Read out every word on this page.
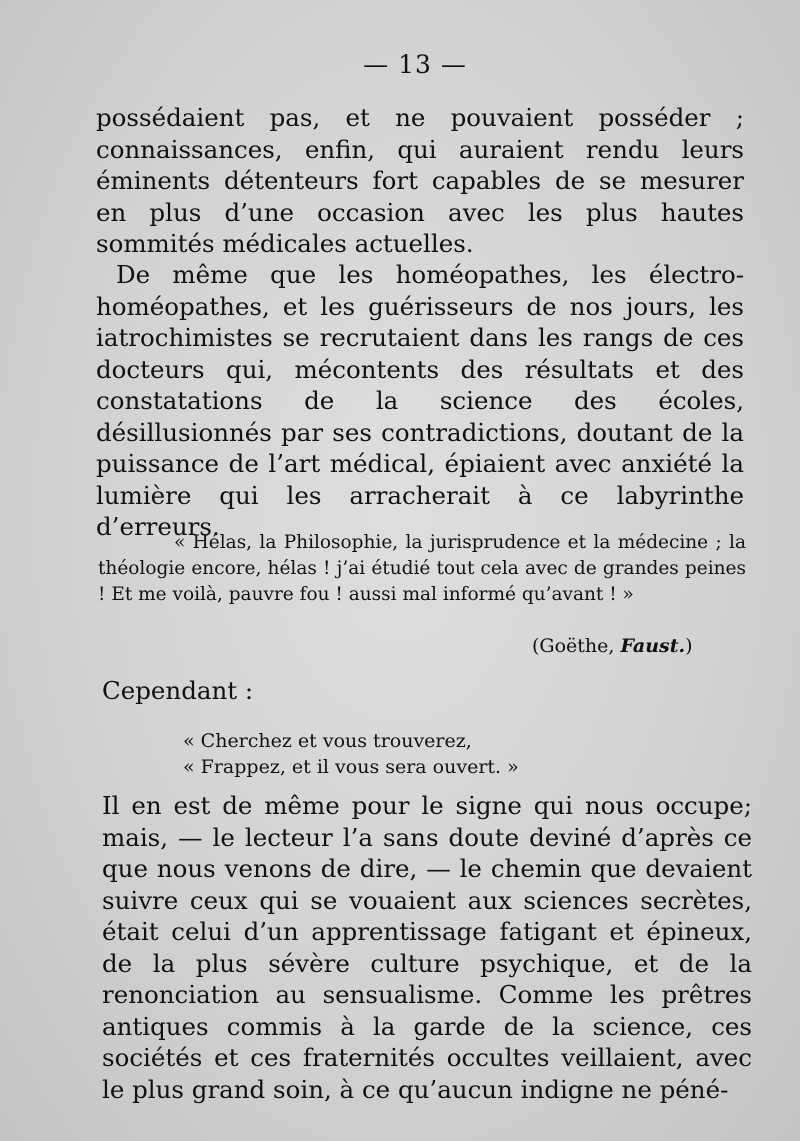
— 13 —

possédaient pas, et ne pouvaient posséder ; connaissances, enfin, qui auraient rendu leurs éminents détenteurs fort capables de se mesurer en plus d’une occasion avec les plus hautes sommités médicales actuelles.

De même que les homéopathes, les électro-homéopathes, et les guérisseurs de nos jours, les iatrochimistes se recrutaient dans les rangs de ces docteurs qui, mécontents des résultats et des constatations de la science des écoles, désillusionnés par ses contradictions, doutant de la puissance de l’art médical, épiaient avec anxiété la lumière qui les arracherait à ce labyrinthe d’erreurs.

« Hélas, la Philosophie, la jurisprudence et la médecine ; la théologie encore, hélas ! j’ai étudié tout cela avec de grandes peines ! Et me voilà, pauvre fou ! aussi mal informé qu’avant ! »
(Goëthe, Faust.)
Cependant :
« Cherchez et vous trouverez,
« Frappez, et il vous sera ouvert. »

Il en est de même pour le signe qui nous occupe; mais, — le lecteur l’a sans doute deviné d’après ce que nous venons de dire, — le chemin que devaient suivre ceux qui se vouaient aux sciences secrètes, était celui d’un apprentissage fatigant et épineux, de la plus sévère culture psychique, et de la renonciation au sensualisme. Comme les prêtres antiques commis à la garde de la science, ces sociétés et ces fraternités occultes veillaient, avec le plus grand soin, à ce qu’aucun indigne ne péné-
